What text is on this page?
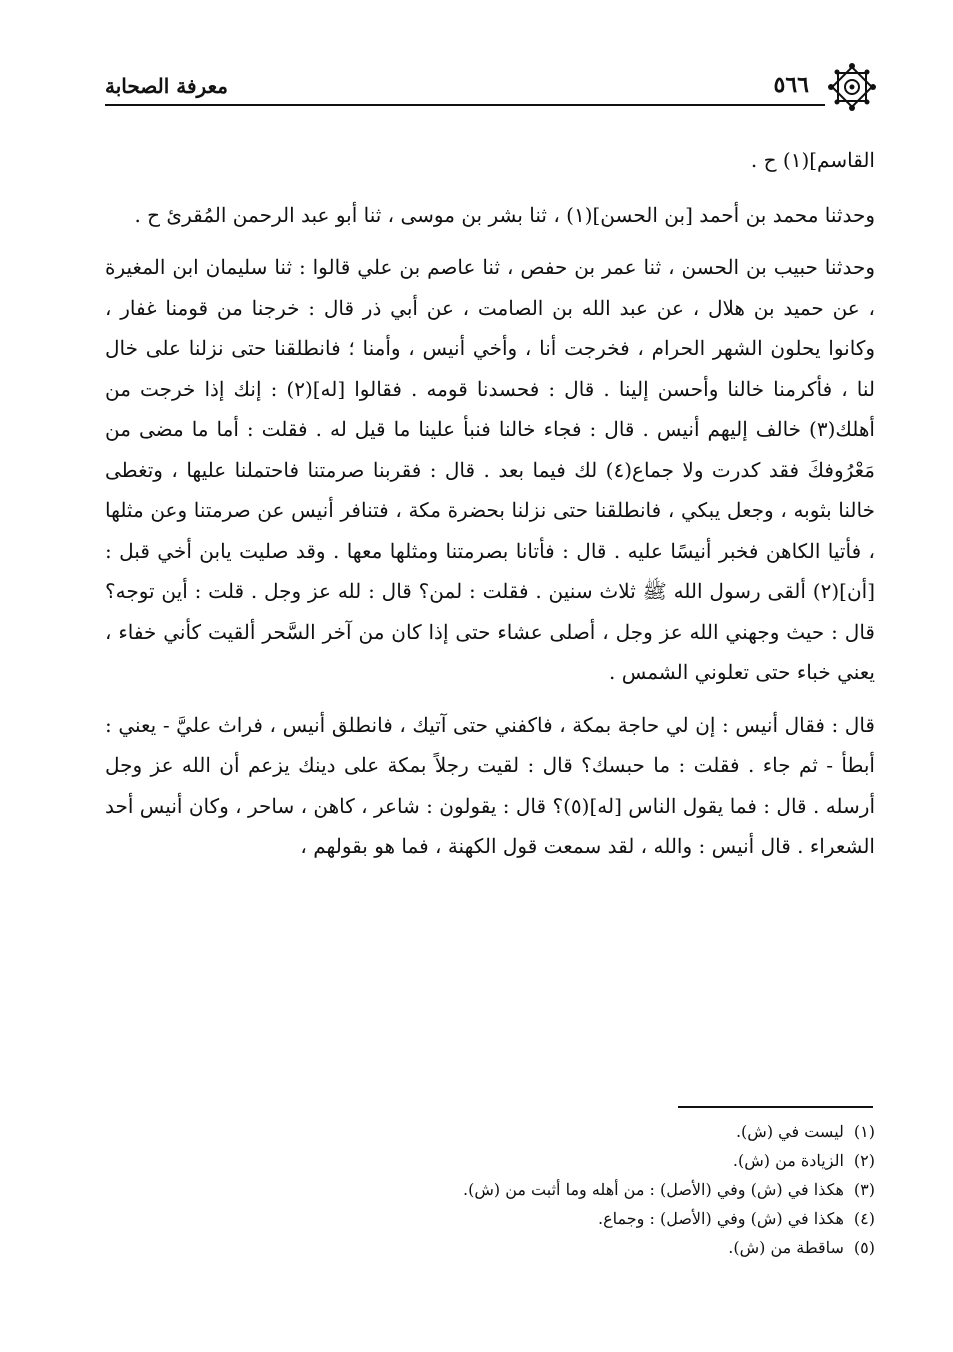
٥٦٦
معرفة الصحابة

القاسم](١) ح .

وحدثنا محمد بن أحمد [بن الحسن](١) ، ثنا بشر بن موسى ، ثنا أبو عبد الرحمن المُقرئ ح .

وحدثنا حبيب بن الحسن ، ثنا عمر بن حفص ، ثنا عاصم بن علي قالوا : ثنا سليمان ابن المغيرة ، عن حميد بن هلال ، عن عبد الله بن الصامت ، عن أبي ذر قال : خرجنا من قومنا غفار ، وكانوا يحلون الشهر الحرام ، فخرجت أنا ، وأخي أنيس ، وأمنا ؛ فانطلقنا حتى نزلنا على خال لنا ، فأكرمنا خالنا وأحسن إلينا . قال : فحسدنا قومه . فقالوا [له](٢) : إنك إذا خرجت من أهلك(٣) خالف إليهم أنيس . قال : فجاء خالنا فنبأ علينا ما قيل له . فقلت : أما ما مضى من مَعْرُوفكَ فقد كدرت ولا جماع(٤) لك فيما بعد . قال : فقربنا صرمتنا فاحتملنا عليها ، وتغطى خالنا بثوبه ، وجعل يبكي ، فانطلقنا حتى نزلنا بحضرة مكة ، فتنافر أنيس عن صرمتنا وعن مثلها ، فأتيا الكاهن فخبر أنيسًا عليه . قال : فأتانا بصرمتنا ومثلها معها . وقد صليت يابن أخي قبل : [أن](٢) ألقى رسول الله ﷺ ثلاث سنين . فقلت : لمن؟ قال : لله عز وجل . قلت : أين توجه؟ قال : حيث وجهني الله عز وجل ، أصلى عشاء حتى إذا كان من آخر السَّحر ألقيت كأني خفاء ، يعني خباء حتى تعلوني الشمس .

قال : فقال أنيس : إن لي حاجة بمكة ، فاكفني حتى آتيك ، فانطلق أنيس ، فراث عليَّ - يعني : أبطأ - ثم جاء . فقلت : ما حبسك؟ قال : لقيت رجلاً بمكة على دينك يزعم أن الله عز وجل أرسله . قال : فما يقول الناس [له](٥)؟ قال : يقولون : شاعر ، كاهن ، ساحر ، وكان أنيس أحد الشعراء . قال أنيس : والله ، لقد سمعت قول الكهنة ، فما هو بقولهم ،

(١)ليست في (ش).
(٢)الزيادة من (ش).
(٣)هكذا في (ش) وفي (الأصل) : من أهله وما أثبت من (ش).
(٤)هكذا في (ش) وفي (الأصل) : وجماع.
(٥)ساقطة من (ش).
